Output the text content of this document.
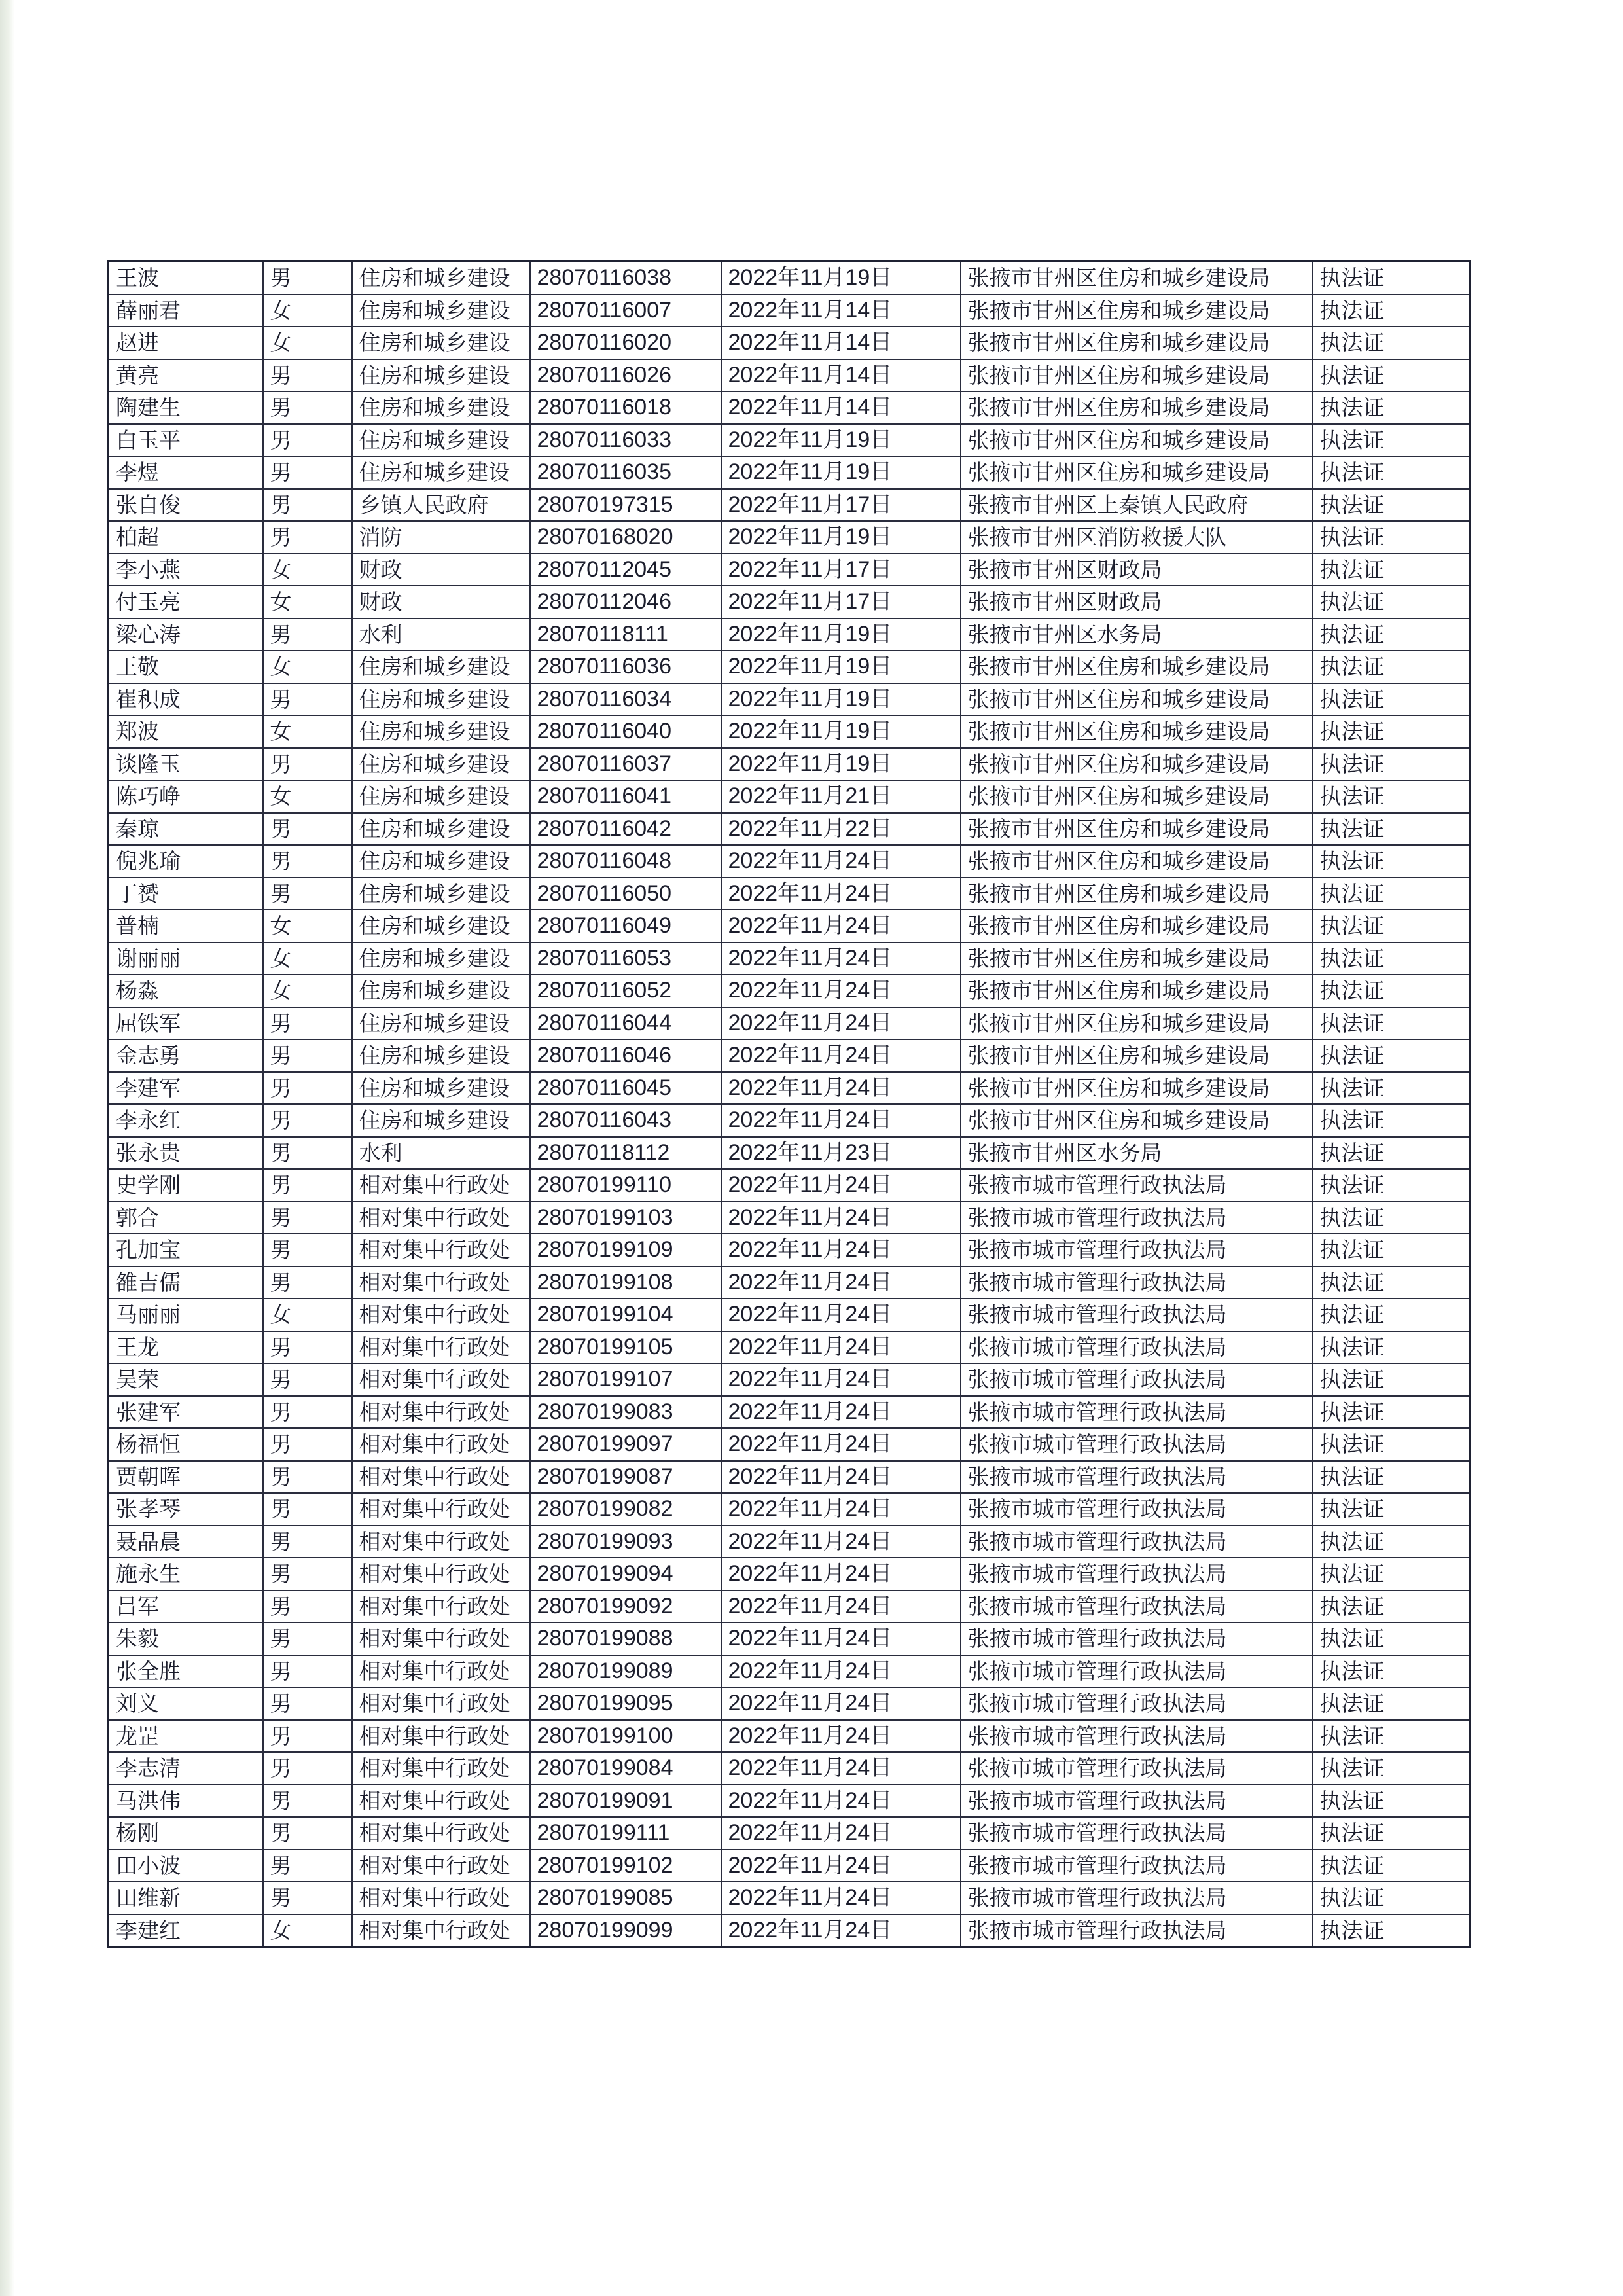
王波	男	住房和城乡建设	28070116038	2022年11月19日	张掖市甘州区住房和城乡建设局	执法证
薛丽君	女	住房和城乡建设	28070116007	2022年11月14日	张掖市甘州区住房和城乡建设局	执法证
赵进	女	住房和城乡建设	28070116020	2022年11月14日	张掖市甘州区住房和城乡建设局	执法证
黄亮	男	住房和城乡建设	28070116026	2022年11月14日	张掖市甘州区住房和城乡建设局	执法证
陶建生	男	住房和城乡建设	28070116018	2022年11月14日	张掖市甘州区住房和城乡建设局	执法证
白玉平	男	住房和城乡建设	28070116033	2022年11月19日	张掖市甘州区住房和城乡建设局	执法证
李煜	男	住房和城乡建设	28070116035	2022年11月19日	张掖市甘州区住房和城乡建设局	执法证
张自俊	男	乡镇人民政府	28070197315	2022年11月17日	张掖市甘州区上秦镇人民政府	执法证
柏超	男	消防	28070168020	2022年11月19日	张掖市甘州区消防救援大队	执法证
李小燕	女	财政	28070112045	2022年11月17日	张掖市甘州区财政局	执法证
付玉亮	女	财政	28070112046	2022年11月17日	张掖市甘州区财政局	执法证
梁心涛	男	水利	28070118111	2022年11月19日	张掖市甘州区水务局	执法证
王敬	女	住房和城乡建设	28070116036	2022年11月19日	张掖市甘州区住房和城乡建设局	执法证
崔积成	男	住房和城乡建设	28070116034	2022年11月19日	张掖市甘州区住房和城乡建设局	执法证
郑波	女	住房和城乡建设	28070116040	2022年11月19日	张掖市甘州区住房和城乡建设局	执法证
谈隆玉	男	住房和城乡建设	28070116037	2022年11月19日	张掖市甘州区住房和城乡建设局	执法证
陈巧峥	女	住房和城乡建设	28070116041	2022年11月21日	张掖市甘州区住房和城乡建设局	执法证
秦琼	男	住房和城乡建设	28070116042	2022年11月22日	张掖市甘州区住房和城乡建设局	执法证
倪兆瑜	男	住房和城乡建设	28070116048	2022年11月24日	张掖市甘州区住房和城乡建设局	执法证
丁赟	男	住房和城乡建设	28070116050	2022年11月24日	张掖市甘州区住房和城乡建设局	执法证
普楠	女	住房和城乡建设	28070116049	2022年11月24日	张掖市甘州区住房和城乡建设局	执法证
谢丽丽	女	住房和城乡建设	28070116053	2022年11月24日	张掖市甘州区住房和城乡建设局	执法证
杨淼	女	住房和城乡建设	28070116052	2022年11月24日	张掖市甘州区住房和城乡建设局	执法证
屈铁军	男	住房和城乡建设	28070116044	2022年11月24日	张掖市甘州区住房和城乡建设局	执法证
金志勇	男	住房和城乡建设	28070116046	2022年11月24日	张掖市甘州区住房和城乡建设局	执法证
李建军	男	住房和城乡建设	28070116045	2022年11月24日	张掖市甘州区住房和城乡建设局	执法证
李永红	男	住房和城乡建设	28070116043	2022年11月24日	张掖市甘州区住房和城乡建设局	执法证
张永贵	男	水利	28070118112	2022年11月23日	张掖市甘州区水务局	执法证
史学刚	男	相对集中行政处	28070199110	2022年11月24日	张掖市城市管理行政执法局	执法证
郭合	男	相对集中行政处	28070199103	2022年11月24日	张掖市城市管理行政执法局	执法证
孔加宝	男	相对集中行政处	28070199109	2022年11月24日	张掖市城市管理行政执法局	执法证
雒吉儒	男	相对集中行政处	28070199108	2022年11月24日	张掖市城市管理行政执法局	执法证
马丽丽	女	相对集中行政处	28070199104	2022年11月24日	张掖市城市管理行政执法局	执法证
王龙	男	相对集中行政处	28070199105	2022年11月24日	张掖市城市管理行政执法局	执法证
吴荣	男	相对集中行政处	28070199107	2022年11月24日	张掖市城市管理行政执法局	执法证
张建军	男	相对集中行政处	28070199083	2022年11月24日	张掖市城市管理行政执法局	执法证
杨福恒	男	相对集中行政处	28070199097	2022年11月24日	张掖市城市管理行政执法局	执法证
贾朝晖	男	相对集中行政处	28070199087	2022年11月24日	张掖市城市管理行政执法局	执法证
张孝琴	男	相对集中行政处	28070199082	2022年11月24日	张掖市城市管理行政执法局	执法证
聂晶晨	男	相对集中行政处	28070199093	2022年11月24日	张掖市城市管理行政执法局	执法证
施永生	男	相对集中行政处	28070199094	2022年11月24日	张掖市城市管理行政执法局	执法证
吕军	男	相对集中行政处	28070199092	2022年11月24日	张掖市城市管理行政执法局	执法证
朱毅	男	相对集中行政处	28070199088	2022年11月24日	张掖市城市管理行政执法局	执法证
张全胜	男	相对集中行政处	28070199089	2022年11月24日	张掖市城市管理行政执法局	执法证
刘义	男	相对集中行政处	28070199095	2022年11月24日	张掖市城市管理行政执法局	执法证
龙罡	男	相对集中行政处	28070199100	2022年11月24日	张掖市城市管理行政执法局	执法证
李志清	男	相对集中行政处	28070199084	2022年11月24日	张掖市城市管理行政执法局	执法证
马洪伟	男	相对集中行政处	28070199091	2022年11月24日	张掖市城市管理行政执法局	执法证
杨刚	男	相对集中行政处	28070199111	2022年11月24日	张掖市城市管理行政执法局	执法证
田小波	男	相对集中行政处	28070199102	2022年11月24日	张掖市城市管理行政执法局	执法证
田维新	男	相对集中行政处	28070199085	2022年11月24日	张掖市城市管理行政执法局	执法证
李建红	女	相对集中行政处	28070199099	2022年11月24日	张掖市城市管理行政执法局	执法证
